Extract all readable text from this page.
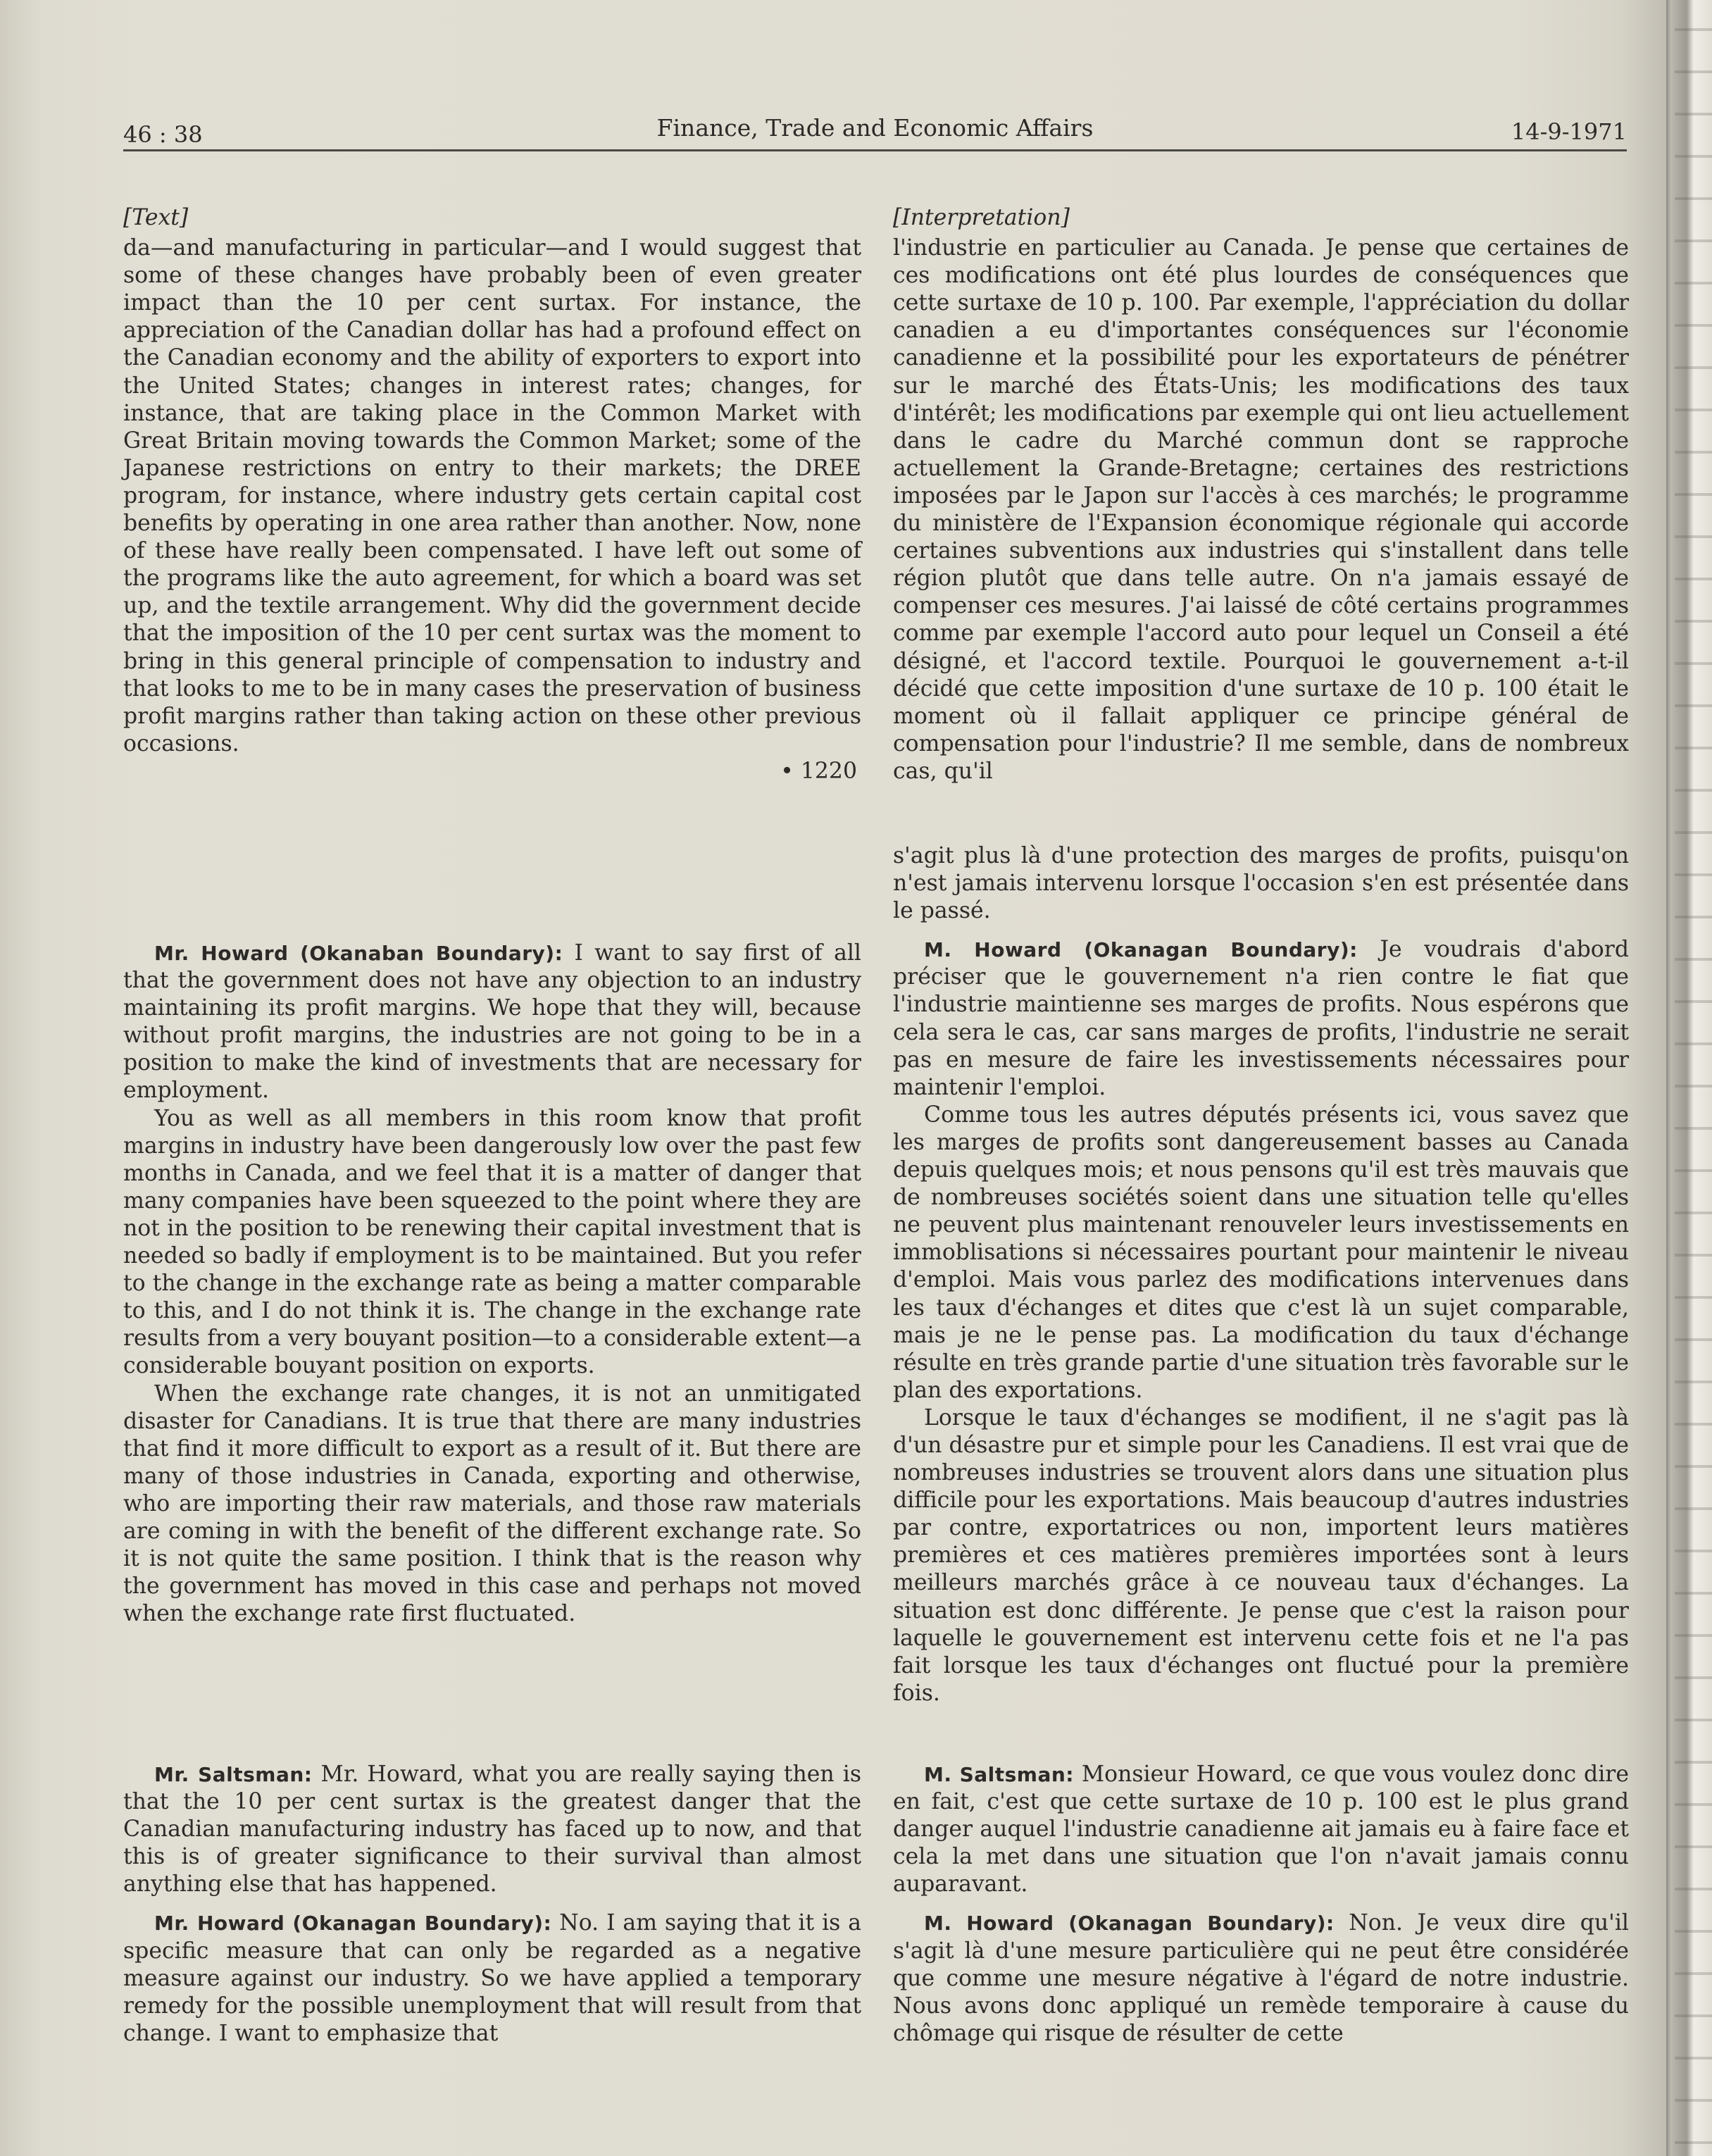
46 : 38	Finance, Trade and Economic Affairs	14-9-1971

[Text]

da—and manufacturing in particular—and I would suggest that some of these changes have probably been of even greater impact than the 10 per cent surtax. For instance, the appreciation of the Canadian dollar has had a profound effect on the Canadian economy and the ability of exporters to export into the United States; changes in interest rates; changes, for instance, that are taking place in the Common Market with Great Britain moving towards the Common Market; some of the Japanese restrictions on entry to their markets; the DREE program, for instance, where industry gets certain capital cost benefits by operating in one area rather than another. Now, none of these have really been compensated. I have left out some of the programs like the auto agreement, for which a board was set up, and the textile arrangement. Why did the government decide that the imposition of the 10 per cent surtax was the moment to bring in this general principle of compensation to industry and that looks to me to be in many cases the preservation of business profit margins rather than taking action on these other previous occasions.

• 1220

Mr. Howard (Okanaban Boundary): I want to say first of all that the government does not have any objection to an industry maintaining its profit margins. We hope that they will, because without profit margins, the industries are not going to be in a position to make the kind of investments that are necessary for employment.

You as well as all members in this room know that profit margins in industry have been dangerously low over the past few months in Canada, and we feel that it is a matter of danger that many companies have been squeezed to the point where they are not in the position to be renewing their capital investment that is needed so badly if employment is to be maintained. But you refer to the change in the exchange rate as being a matter comparable to this, and I do not think it is. The change in the exchange rate results from a very bouyant position—to a considerable extent—a considerable bouyant position on exports.

When the exchange rate changes, it is not an unmitigated disaster for Canadians. It is true that there are many industries that find it more difficult to export as a result of it. But there are many of those industries in Canada, exporting and otherwise, who are importing their raw materials, and those raw materials are coming in with the benefit of the different exchange rate. So it is not quite the same position. I think that is the reason why the government has moved in this case and perhaps not moved when the exchange rate first fluctuated.

Mr. Saltsman: Mr. Howard, what you are really saying then is that the 10 per cent surtax is the greatest danger that the Canadian manufacturing industry has faced up to now, and that this is of greater significance to their survival than almost anything else that has happened.

Mr. Howard (Okanagan Boundary): No. I am saying that it is a specific measure that can only be regarded as a negative measure against our industry. So we have applied a temporary remedy for the possible unemployment that will result from that change. I want to emphasize that

[Interpretation]

l'industrie en particulier au Canada. Je pense que certaines de ces modifications ont été plus lourdes de conséquences que cette surtaxe de 10 p. 100. Par exemple, l'appréciation du dollar canadien a eu d'importantes conséquences sur l'économie canadienne et la possibilité pour les exportateurs de pénétrer sur le marché des États-Unis; les modifications des taux d'intérêt; les modifications par exemple qui ont lieu actuellement dans le cadre du Marché commun dont se rapproche actuellement la Grande-Bretagne; certaines des restrictions imposées par le Japon sur l'accès à ces marchés; le programme du ministère de l'Expansion économique régionale qui accorde certaines subventions aux industries qui s'installent dans telle région plutôt que dans telle autre. On n'a jamais essayé de compenser ces mesures. J'ai laissé de côté certains programmes comme par exemple l'accord auto pour lequel un Conseil a été désigné, et l'accord textile. Pourquoi le gouvernement a-t-il décidé que cette imposition d'une surtaxe de 10 p. 100 était le moment où il fallait appliquer ce principe général de compensation pour l'industrie? Il me semble, dans de nombreux cas, qu'il

s'agit plus là d'une protection des marges de profits, puisqu'on n'est jamais intervenu lorsque l'occasion s'en est présentée dans le passé.

M. Howard (Okanagan Boundary): Je voudrais d'abord préciser que le gouvernement n'a rien contre le fiat que l'industrie maintienne ses marges de profits. Nous espérons que cela sera le cas, car sans marges de profits, l'industrie ne serait pas en mesure de faire les investissements nécessaires pour maintenir l'emploi.

Comme tous les autres députés présents ici, vous savez que les marges de profits sont dangereusement basses au Canada depuis quelques mois; et nous pensons qu'il est très mauvais que de nombreuses sociétés soient dans une situation telle qu'elles ne peuvent plus maintenant renouveler leurs investissements en immoblisations si nécessaires pourtant pour maintenir le niveau d'emploi. Mais vous parlez des modifications intervenues dans les taux d'échanges et dites que c'est là un sujet comparable, mais je ne le pense pas. La modification du taux d'échange résulte en très grande partie d'une situation très favorable sur le plan des exportations.

Lorsque le taux d'échanges se modifient, il ne s'agit pas là d'un désastre pur et simple pour les Canadiens. Il est vrai que de nombreuses industries se trouvent alors dans une situation plus difficile pour les exportations. Mais beaucoup d'autres industries par contre, exportatrices ou non, importent leurs matières premières et ces matières premières importées sont à leurs meilleurs marchés grâce à ce nouveau taux d'échanges. La situation est donc différente. Je pense que c'est la raison pour laquelle le gouvernement est intervenu cette fois et ne l'a pas fait lorsque les taux d'échanges ont fluctué pour la première fois.

M. Saltsman: Monsieur Howard, ce que vous voulez donc dire en fait, c'est que cette surtaxe de 10 p. 100 est le plus grand danger auquel l'industrie canadienne ait jamais eu à faire face et cela la met dans une situation que l'on n'avait jamais connu auparavant.

M. Howard (Okanagan Boundary): Non. Je veux dire qu'il s'agit là d'une mesure particulière qui ne peut être considérée que comme une mesure négative à l'égard de notre industrie. Nous avons donc appliqué un remède temporaire à cause du chômage qui risque de résulter de cette
